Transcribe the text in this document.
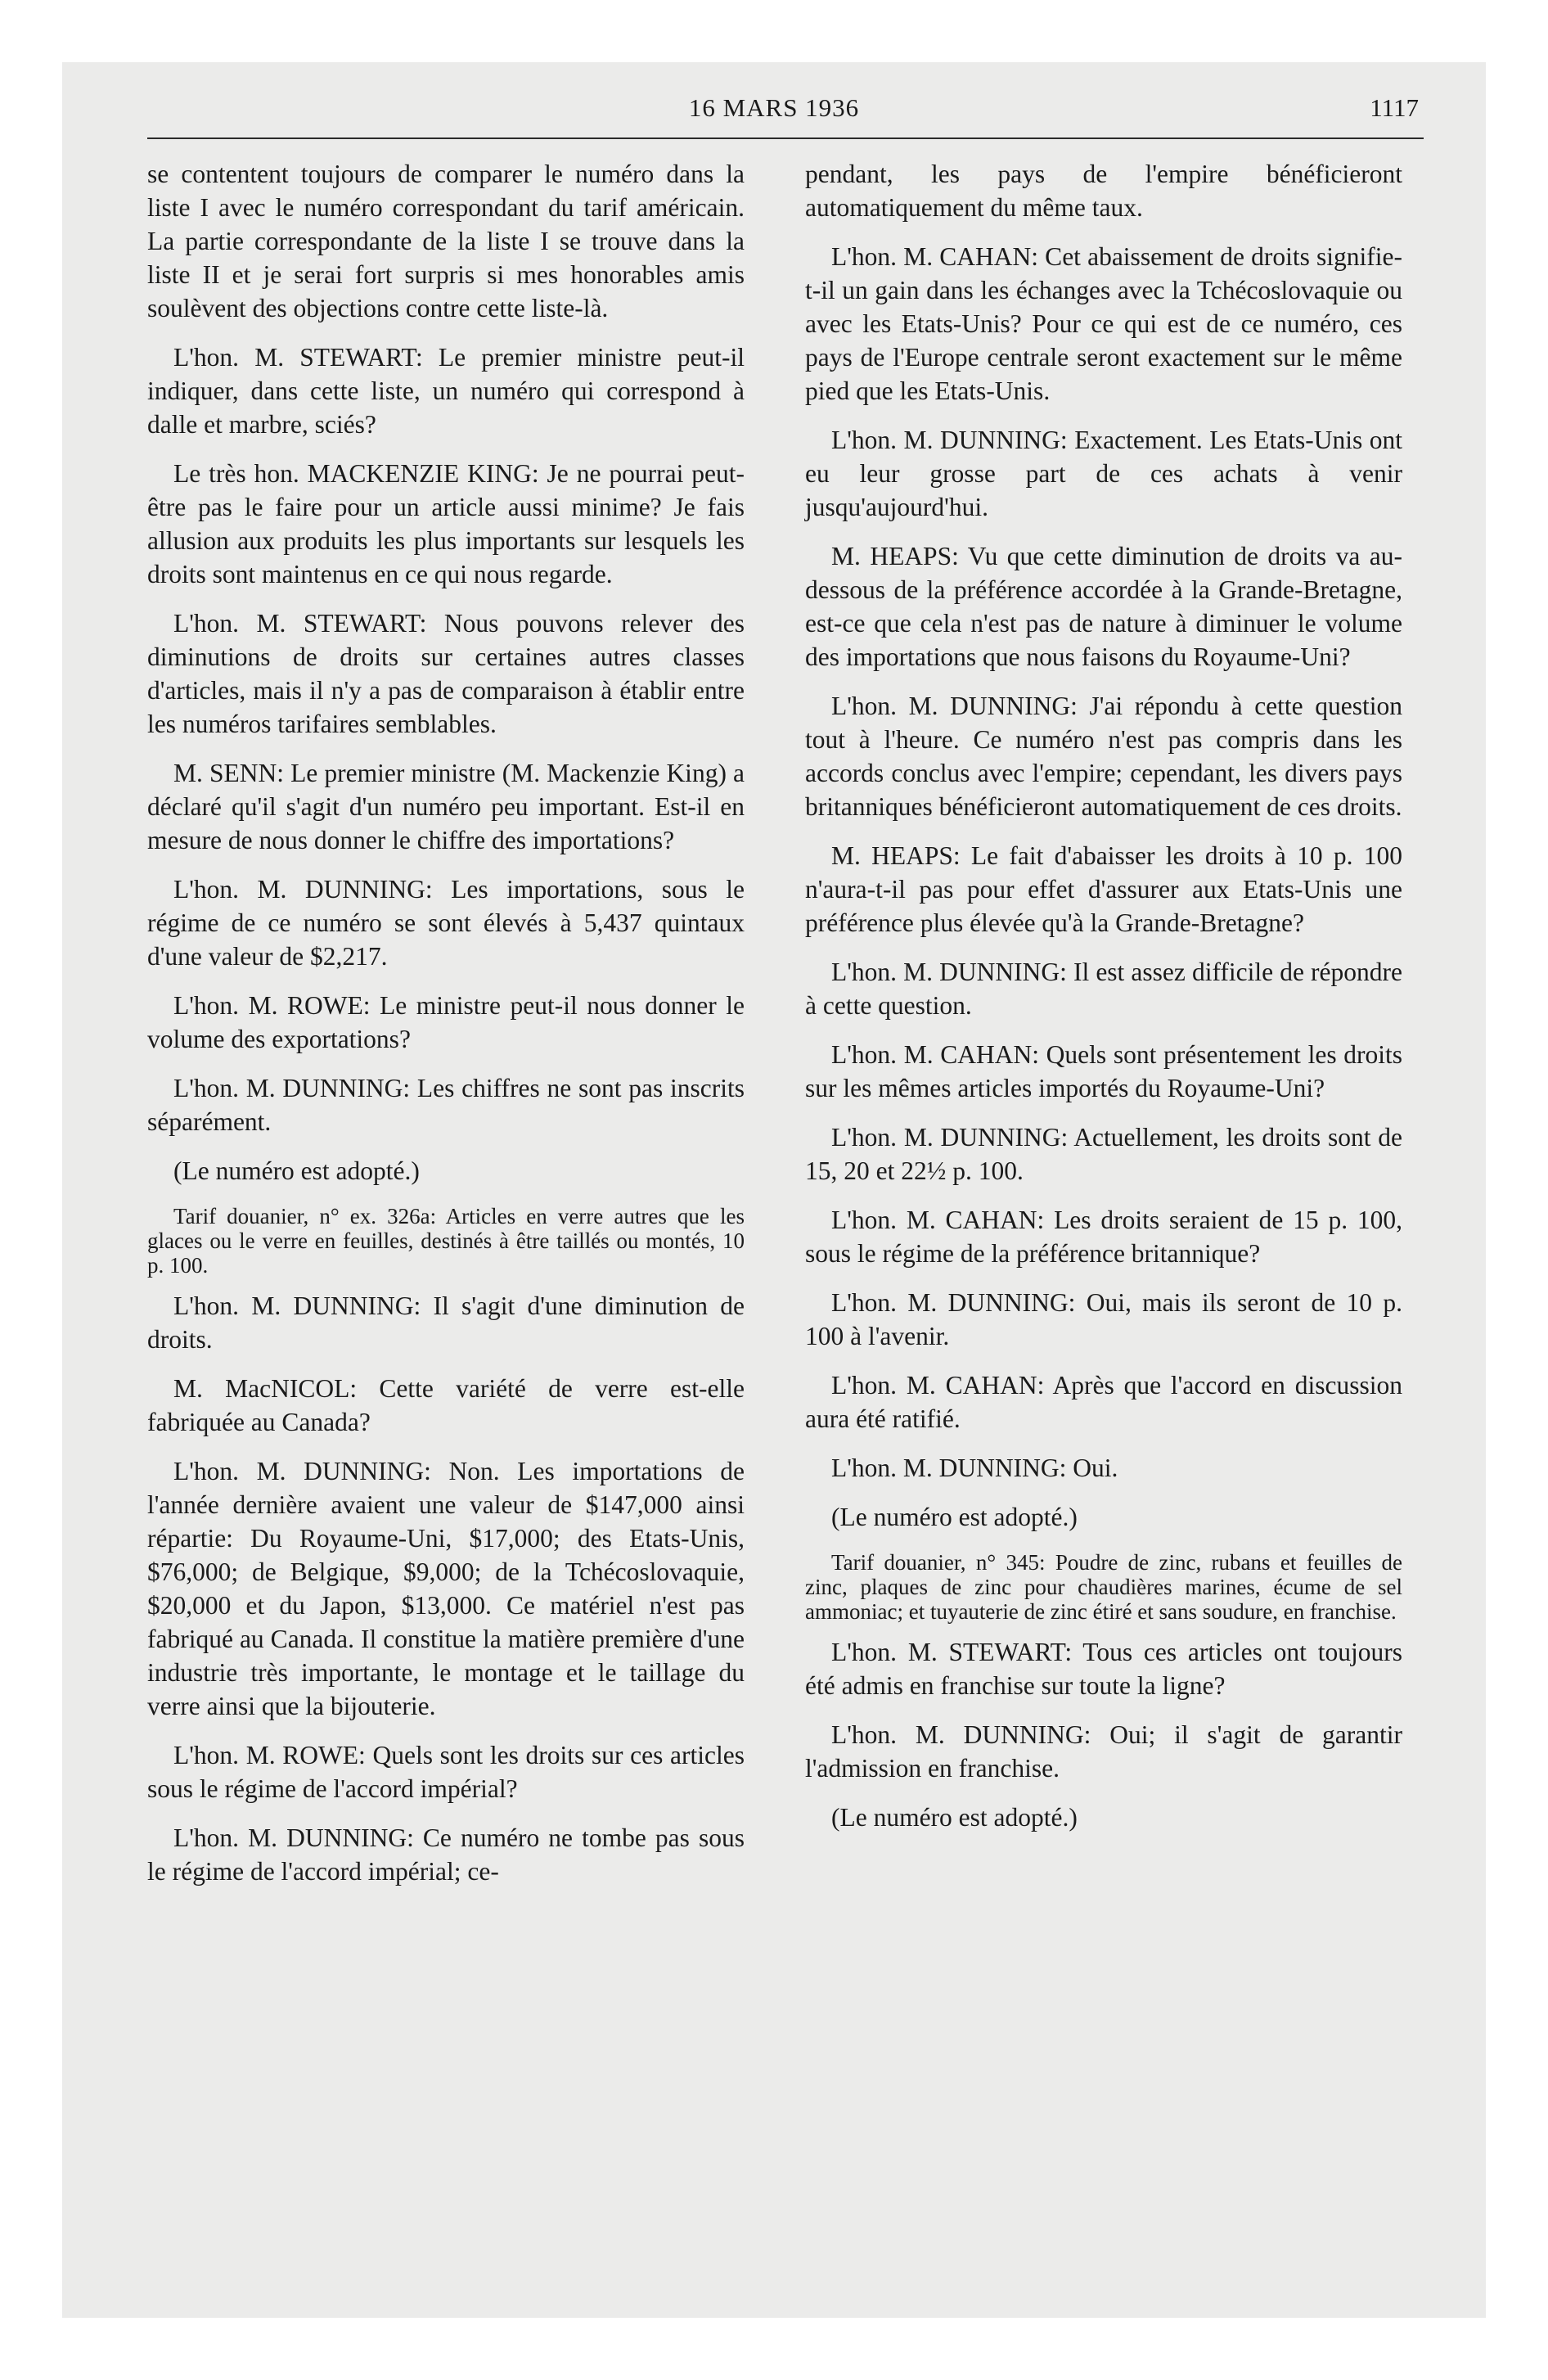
16 MARS 1936	1117

se contentent toujours de comparer le numéro dans la liste I avec le numéro correspondant du tarif américain. La partie correspondante de la liste I se trouve dans la liste II et je serai fort surpris si mes honorables amis soulèvent des objections contre cette liste-là.

L'hon. M. STEWART: Le premier ministre peut-il indiquer, dans cette liste, un numéro qui correspond à dalle et marbre, sciés?

Le très hon. MACKENZIE KING: Je ne pourrai peut-être pas le faire pour un article aussi minime? Je fais allusion aux produits les plus importants sur lesquels les droits sont maintenus en ce qui nous regarde.

L'hon. M. STEWART: Nous pouvons relever des diminutions de droits sur certaines autres classes d'articles, mais il n'y a pas de comparaison à établir entre les numéros tarifaires semblables.

M. SENN: Le premier ministre (M. Mackenzie King) a déclaré qu'il s'agit d'un numéro peu important. Est-il en mesure de nous donner le chiffre des importations?

L'hon. M. DUNNING: Les importations, sous le régime de ce numéro se sont élevés à 5,437 quintaux d'une valeur de $2,217.

L'hon. M. ROWE: Le ministre peut-il nous donner le volume des exportations?

L'hon. M. DUNNING: Les chiffres ne sont pas inscrits séparément.

(Le numéro est adopté.)

Tarif douanier, n° ex. 326a: Articles en verre autres que les glaces ou le verre en feuilles, destinés à être taillés ou montés, 10 p. 100.

L'hon. M. DUNNING: Il s'agit d'une diminution de droits.

M. MacNICOL: Cette variété de verre est-elle fabriquée au Canada?

L'hon. M. DUNNING: Non. Les importations de l'année dernière avaient une valeur de $147,000 ainsi répartie: Du Royaume-Uni, $17,000; des Etats-Unis, $76,000; de Belgique, $9,000; de la Tchécoslovaquie, $20,000 et du Japon, $13,000. Ce matériel n'est pas fabriqué au Canada. Il constitue la matière première d'une industrie très importante, le montage et le taillage du verre ainsi que la bijouterie.

L'hon. M. ROWE: Quels sont les droits sur ces articles sous le régime de l'accord impérial?

L'hon. M. DUNNING: Ce numéro ne tombe pas sous le régime de l'accord impérial; ce-

pendant, les pays de l'empire bénéficieront automatiquement du même taux.

L'hon. M. CAHAN: Cet abaissement de droits signifie-t-il un gain dans les échanges avec la Tchécoslovaquie ou avec les Etats-Unis? Pour ce qui est de ce numéro, ces pays de l'Europe centrale seront exactement sur le même pied que les Etats-Unis.

L'hon. M. DUNNING: Exactement. Les Etats-Unis ont eu leur grosse part de ces achats à venir jusqu'aujourd'hui.

M. HEAPS: Vu que cette diminution de droits va au-dessous de la préférence accordée à la Grande-Bretagne, est-ce que cela n'est pas de nature à diminuer le volume des importations que nous faisons du Royaume-Uni?

L'hon. M. DUNNING: J'ai répondu à cette question tout à l'heure. Ce numéro n'est pas compris dans les accords conclus avec l'empire; cependant, les divers pays britanniques bénéficieront automatiquement de ces droits.

M. HEAPS: Le fait d'abaisser les droits à 10 p. 100 n'aura-t-il pas pour effet d'assurer aux Etats-Unis une préférence plus élevée qu'à la Grande-Bretagne?

L'hon. M. DUNNING: Il est assez difficile de répondre à cette question.

L'hon. M. CAHAN: Quels sont présentement les droits sur les mêmes articles importés du Royaume-Uni?

L'hon. M. DUNNING: Actuellement, les droits sont de 15, 20 et 22½ p. 100.

L'hon. M. CAHAN: Les droits seraient de 15 p. 100, sous le régime de la préférence britannique?

L'hon. M. DUNNING: Oui, mais ils seront de 10 p. 100 à l'avenir.

L'hon. M. CAHAN: Après que l'accord en discussion aura été ratifié.

L'hon. M. DUNNING: Oui.

(Le numéro est adopté.)

Tarif douanier, n° 345: Poudre de zinc, rubans et feuilles de zinc, plaques de zinc pour chaudières marines, écume de sel ammoniac; et tuyauterie de zinc étiré et sans soudure, en franchise.

L'hon. M. STEWART: Tous ces articles ont toujours été admis en franchise sur toute la ligne?

L'hon. M. DUNNING: Oui; il s'agit de garantir l'admission en franchise.

(Le numéro est adopté.)
